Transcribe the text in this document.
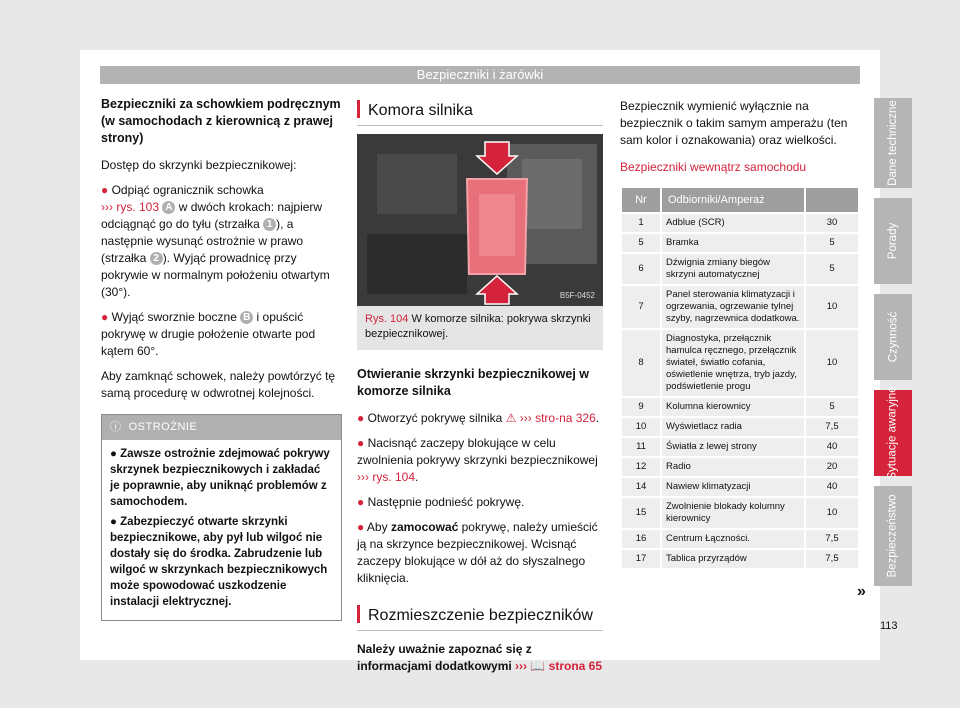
Bezpieczniki i żarówki
Bezpieczniki za schowkiem podręcznym (w samochodach z kierownicą z prawej strony)

Dostęp do skrzynki bezpiecznikowej:

● Odpiąć ogranicznik schowka
››› rys. 103 A w dwóch krokach: najpierw odciągnąć go do tyłu (strzałka 1 ), a następnie wysunąć ostrożnie w prawo (strzałka 2 ). Wyjąć prowadnicę przy pokrywie w normalnym położeniu otwartym (30°).

● Wyjąć sworznie boczne B i opuścić pokrywę w drugie położenie otwarte pod kątem 60°.

Aby zamknąć schowek, należy powtórzyć tę samą procedurę w odwrotnej kolejności.

ⓘ OSTROŻNIE

● Zawsze ostrożnie zdejmować pokrywy skrzynek bezpiecznikowych i zakładać je poprawnie, aby uniknąć problemów z samochodem.

● Zabezpieczyć otwarte skrzynki bezpiecznikowe, aby pył lub wilgoć nie dostały się do środka. Zabrudzenie lub wilgoć w skrzynkach bezpiecznikowych może spowodować uszkodzenie instalacji elektrycznej.

Komora silnika
B5F-0452
Rys. 104 W komorze silnika: pokrywa skrzynki bezpiecznikowej.
Otwieranie skrzynki bezpiecznikowej w komorze silnika

● Otworzyć pokrywę silnika ⚠ ››› stro-na 326.

● Nacisnąć zaczepy blokujące w celu zwolnienia pokrywy skrzynki bezpiecznikowej ››› rys. 104.

● Następnie podnieść pokrywę.

● Aby zamocować pokrywę, należy umieścić ją na skrzynce bezpiecznikowej. Wcisnąć zaczepy blokujące w dół aż do słyszalnego kliknięcia.

Rozmieszczenie bezpieczników

Należy uważnie zapoznać się z informacjami dodatkowymi ››› 📖 strona 65

Bezpiecznik wymienić wyłącznie na bezpiecznik o takim samym amperażu (ten sam kolor i oznakowania) oraz wielkości.

Bezpieczniki wewnątrz samochodu
Nr	Odbiorniki/Amperaż	
1	Adblue (SCR)	30
5	Bramka	5
6	Dźwignia zmiany biegów skrzyni automatycznej	5
7	Panel sterowania klimatyzacji i ogrzewania, ogrzewanie tylnej szyby, nagrzewnica dodatkowa.	10
8	Diagnostyka, przełącznik hamulca ręcznego, przełącznik świateł, światło cofania, oświetlenie wnętrza, tryb jazdy, podświetlenie progu	10
9	Kolumna kierownicy	5
10	Wyświetlacz radia	7,5
11	Światła z lewej strony	40
12	Radio	20
14	Nawiew klimatyzacji	40
15	Zwolnienie blokady kolumny kierownicy	10
16	Centrum Łączności.	7,5
17	Tablica przyrządów	7,5
Dane techniczne
Porady
Czynność
Sytuacje awaryjne
Bezpieczeństwo
»
113
